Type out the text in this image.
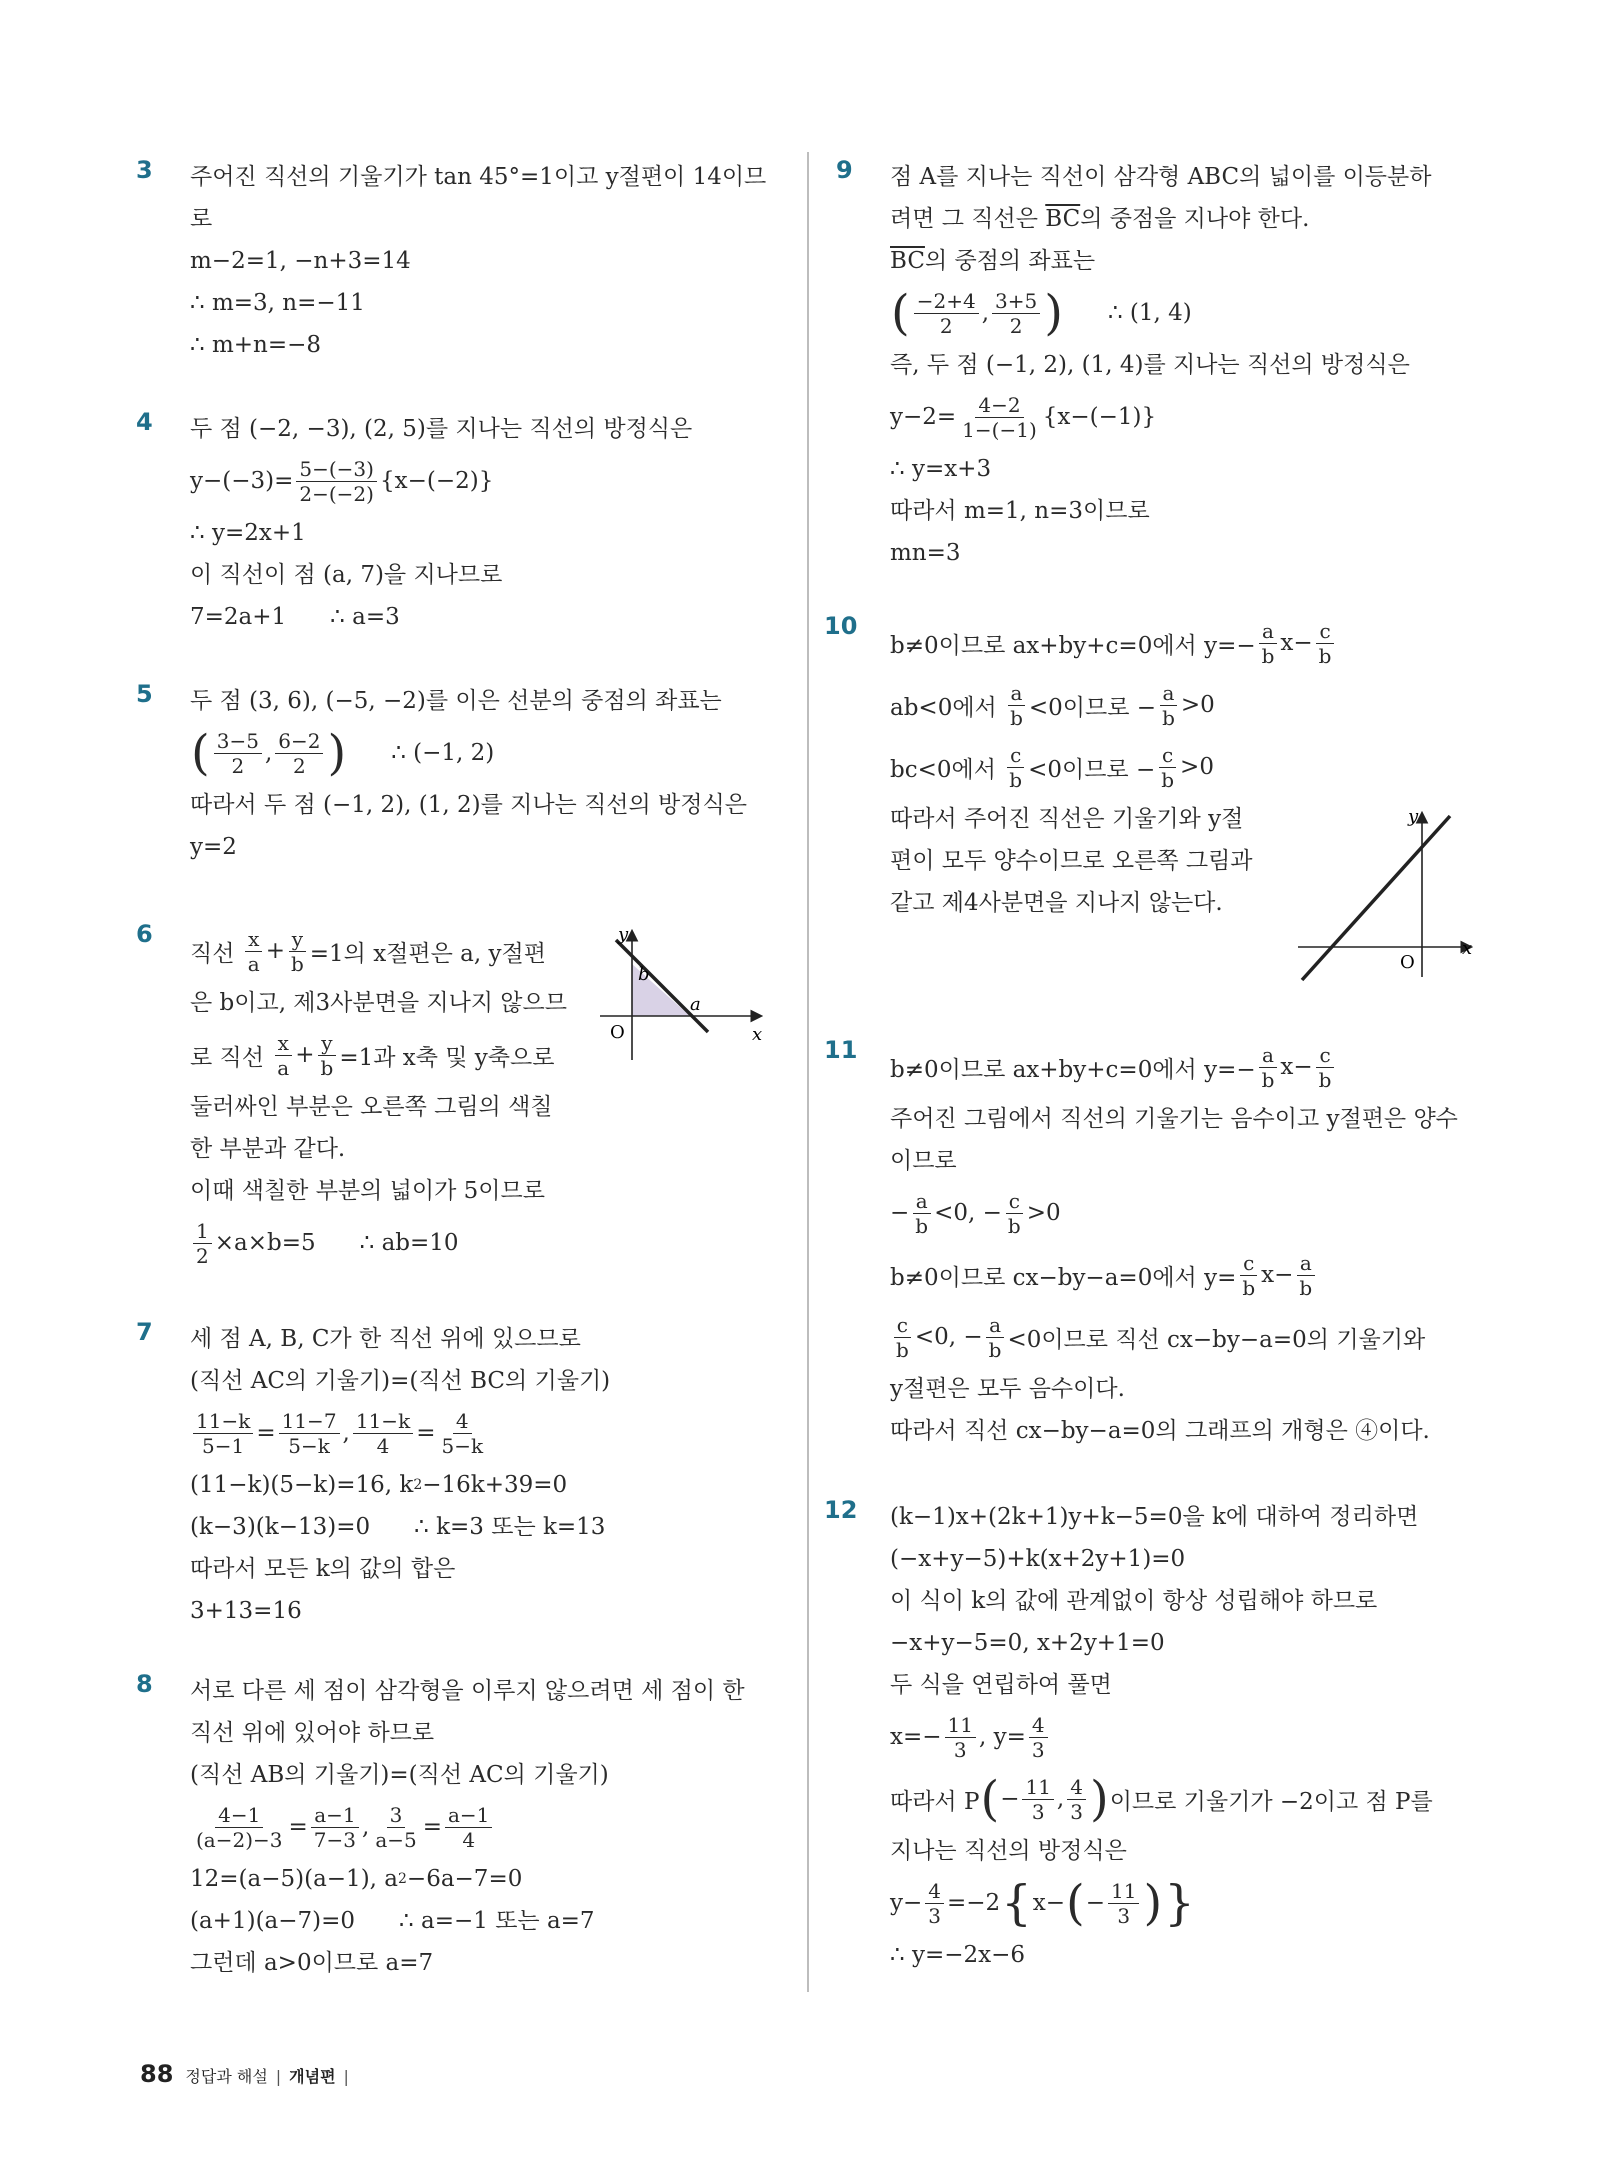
3 주어진 직선의 기울기가 tan 45°=1이고 y절편이 14이므
로
m−2=1, −n+3=14
∴ m=3, n=−11
∴ m+n=−8
4 두 점 (−2, −3), (2, 5)를 지나는 직선의 방정식은
$y-(-3)= \frac{5-(-3)}{2-(-2)} \{x-(-2)\}$
∴ y=2x+1
이 직선이 점 (a, 7)을 지나므로
7=2a+1 ∴ a=3
5 두 점 (3, 6), (−5, −2)를 이은 선분의 중점의 좌표는
( $\frac{3-5}{2}$ , $\frac{6-2}{2}$ ) ∴ (−1, 2)
따라서 두 점 (−1, 2), (1, 2)를 지나는 직선의 방정식은
y=2
6
직선
$\frac{x}{a} + \frac{y}{b} =1$의 x절편은 a, y절편
은 b이고, 제3사분면을 지나지 않으므
로 직선
$\frac{x}{a} + \frac{y}{b} =1$과 x축 및 y축으로
둘러싸인 부분은 오른쪽 그림의 색칠
한 부분과 같다.
이때 색칠한 부분의 넓이가 5이므로
$\frac{1}{2} \times a\times b=5$ ∴ ab=10
y
x
O
a
b
7 세 점 A, B, C가 한 직선 위에 있으므로
(직선 AC의 기울기)=(직선 BC의 기울기)
$\frac{11-k}{5-1} = \frac{11-7}{5-k}$ , $\frac{11-k}{4} = \frac{4}{5-k}$
(11−k)(5−k)=16, k 2 −16k+39=0
(k−3)(k−13)=0 ∴ k=3 또는 k=13
따라서 모든 k의 값의 합은
3+13=16
8 서로 다른 세 점이 삼각형을 이루지 않으려면 세 점이 한
직선 위에 있어야 하므로
(직선 AB의 기울기)=(직선 AC의 기울기)
$\frac{4-1}{(a-2)-3} = \frac{a-1}{7-3}$ , $\frac{3}{a-5} = \frac{a-1}{4}$
12=(a−5)(a−1), a 2 −6a−7=0
(a+1)(a−7)=0 ∴ a=−1 또는 a=7
그런데 a>0이므로 a=7
9 점 A를 지나는 직선이 삼각형 ABC의 넓이를 이등분하
려면 그 직선은
$\overline{BC}$ 의 중점을 지나야 한다.
$\overline{BC}$ 의 중점의 좌표는
( $\frac{-2+4}{2}$ , $\frac{3+5}{2}$ ) ∴ (1, 4)
즉, 두 점 (−1, 2), (1, 4)를 지나는 직선의 방정식은
$y-2= \frac{4-2}{1-(-1)} \{x-(-1)\}$
∴ y=x+3
따라서 m=1, n=3이므로
mn=3
10
b≠0이므로 ax+by+c=0에서 $y=- \frac{a}{b} x- \frac{c}{b}$
ab<0에서
$\frac{a}{b} <0$이므로 − $\frac{a}{b} >0$
bc<0에서
$\frac{c}{b} <0$이므로 − $\frac{c}{b} >0$
따라서 주어진 직선은 기울기와 y절
편이 모두 양수이므로 오른쪽 그림과
같고 제4사분면을 지나지 않는다.
y
x
O
11
b≠0이므로 ax+by+c=0에서 $y=- \frac{a}{b} x- \frac{c}{b}$
주어진 그림에서 직선의 기울기는 음수이고 y절편은 양수
이므로
− $\frac{a}{b} <0$, − $\frac{c}{b} >0$
b≠0이므로 cx−by−a=0에서 $y= \frac{c}{b} x- \frac{a}{b}$
$\frac{c}{b} <0$, − $\frac{a}{b} <0$이므로 직선 cx−by−a=0의 기울기와
y절편은 모두 음수이다.
따라서 직선 cx−by−a=0의 그래프의 개형은 ④이다.
12 (k−1)x+(2k+1)y+k−5=0을 k에 대하여 정리하면
(−x+y−5)+k(x+2y+1)=0
이 식이 k의 값에 관계없이 항상 성립해야 하므로
−x+y−5=0, x+2y+1=0
두 식을 연립하여 풀면
$x=- \frac{11}{3}$ , $y= \frac{4}{3}$
따라서 P ( − $\frac{11}{3}$ , $\frac{4}{3}$ ) 이므로 기울기가 −2이고 점 P를
지나는 직선의 방정식은
$y- \frac{4}{3} =-2$ { x− ( − $\frac{11}{3}$ ) }
∴ y=−2x−6
88 정답과 해설 | 개념편 |
